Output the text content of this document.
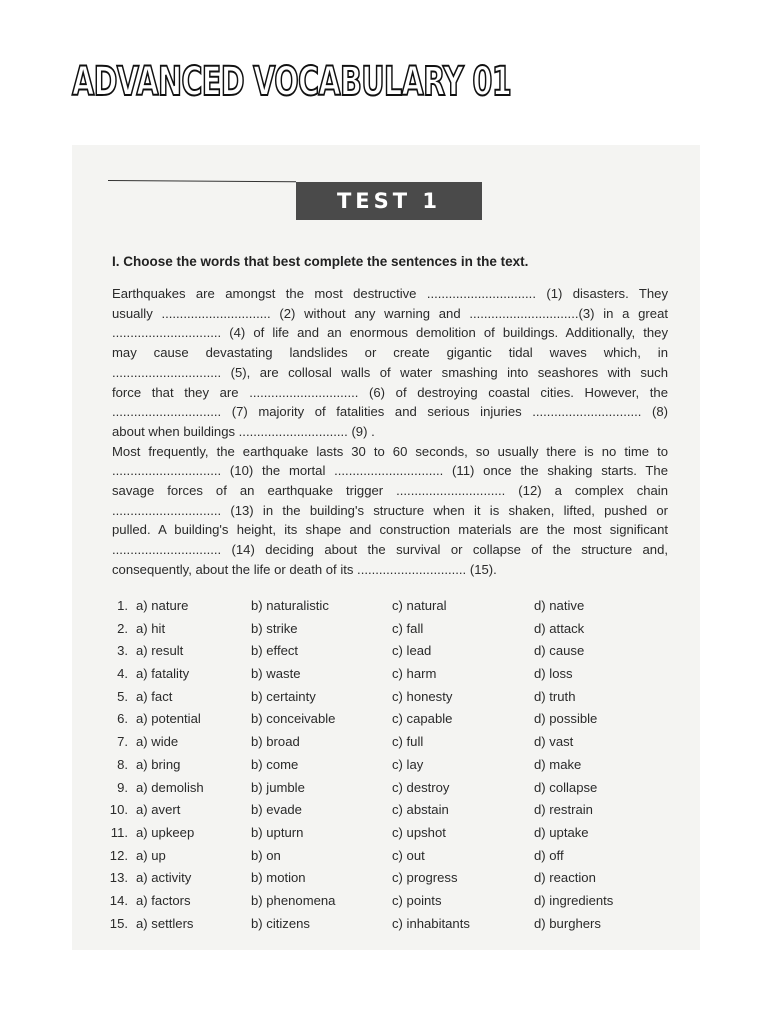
ADVANCED VOCABULARY 01
TEST 1
I. Choose the words that best complete the sentences in the text.
Earthquakes are amongst the most destructive .............................. (1) disasters. They
usually .............................. (2) without any warning and ..............................(3) in a great
.............................. (4) of life and an enormous demolition of buildings. Additionally, they
may cause devastating landslides or create gigantic tidal waves which, in
.............................. (5), are collosal walls of water smashing into seashores with such
force that they are .............................. (6) of destroying coastal cities. However, the
.............................. (7) majority of fatalities and serious injuries .............................. (8)
about when buildings .............................. (9) .
Most frequently, the earthquake lasts 30 to 60 seconds, so usually there is no time to
.............................. (10) the mortal .............................. (11) once the shaking starts. The
savage forces of an earthquake trigger .............................. (12) a complex chain
.............................. (13) in the building's structure when it is shaken, lifted, pushed or
pulled. A building's height, its shape and construction materials are the most significant
.............................. (14) deciding about the survival or collapse of the structure and,
consequently, about the life or death of its .............................. (15).
1. a) nature	b) naturalistic	c) natural	d) native
2. a) hit	b) strike	c) fall	d) attack
3. a) result	b) effect	c) lead	d) cause
4. a) fatality	b) waste	c) harm	d) loss
5. a) fact	b) certainty	c) honesty	d) truth
6. a) potential	b) conceivable	c) capable	d) possible
7. a) wide	b) broad	c) full	d) vast
8. a) bring	b) come	c) lay	d) make
9. a) demolish	b) jumble	c) destroy	d) collapse
10. a) avert	b) evade	c) abstain	d) restrain
11. a) upkeep	b) upturn	c) upshot	d) uptake
12. a) up	b) on	c) out	d) off
13. a) activity	b) motion	c) progress	d) reaction
14. a) factors	b) phenomena	c) points	d) ingredients
15. a) settlers	b) citizens	c) inhabitants	d) burghers
